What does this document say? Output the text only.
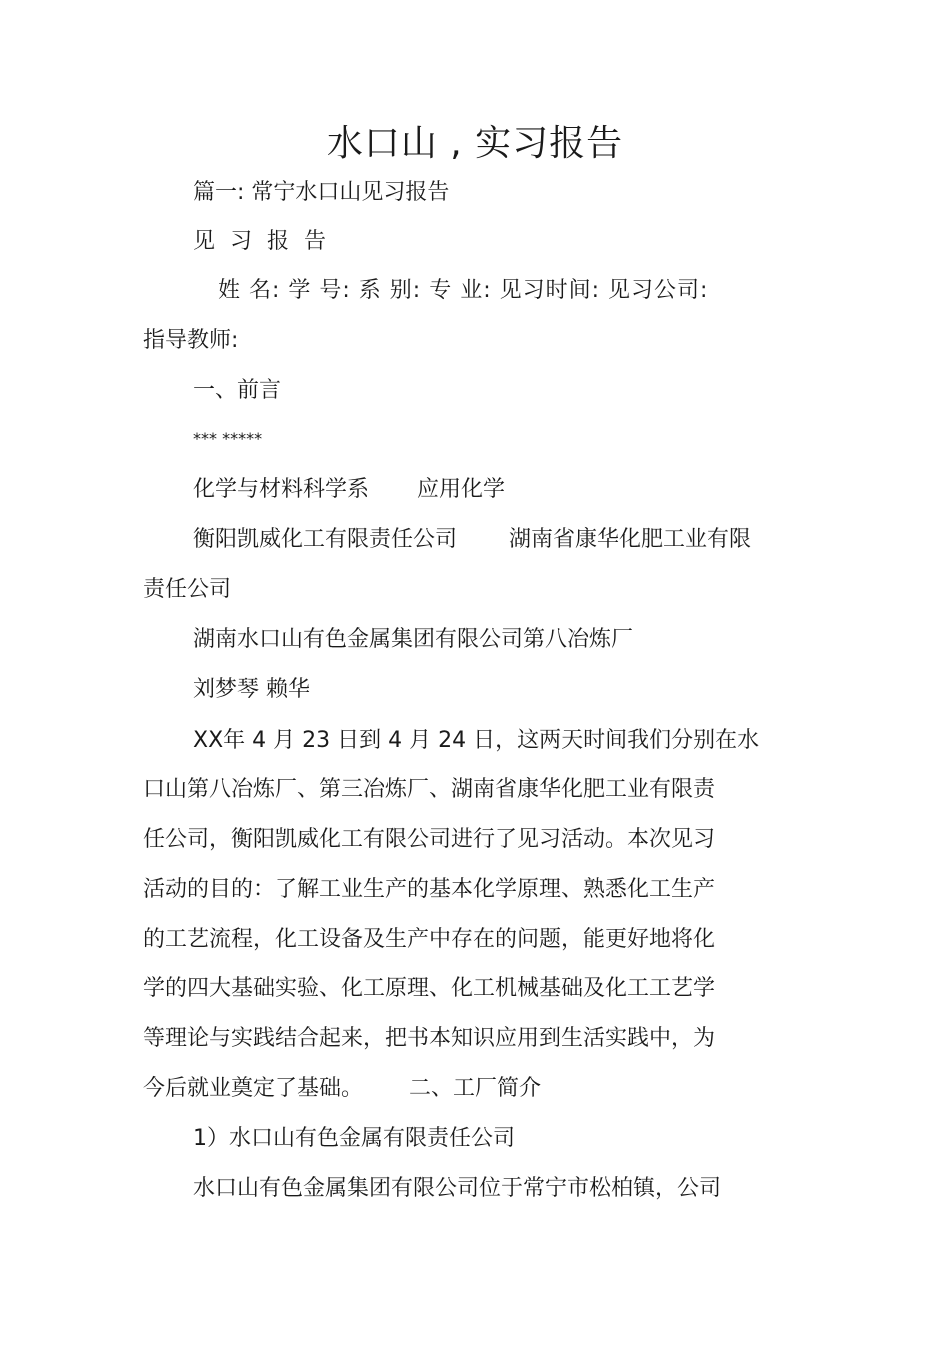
水口山 , 实习报告
篇一: 常宁水口山见习报告
见 习 报 告
姓 名: 学 号: 系 别: 专 业: 见习时间: 见习公司:
指导教师:
一、前言
*** *****
化学与材料科学系 应用化学
衡阳凯威化工有限责任公司 湖南省康华化肥工业有限
责任公司
湖南水口山有色金属集团有限公司第八冶炼厂
刘梦琴 赖华
XX年 4 月 23 日到 4 月 24 日，这两天时间我们分别在水
口山第八冶炼厂、第三冶炼厂、湖南省康华化肥工业有限责
任公司，衡阳凯威化工有限公司进行了见习活动。本次见习
活动的目的：了解工业生产的基本化学原理、熟悉化工生产
的工艺流程，化工设备及生产中存在的问题，能更好地将化
学的四大基础实验、化工原理、化工机械基础及化工工艺学
等理论与实践结合起来，把书本知识应用到生活实践中，为
今后就业奠定了基础。 二、工厂简介
1）水口山有色金属有限责任公司
水口山有色金属集团有限公司位于常宁市松柏镇，公司
